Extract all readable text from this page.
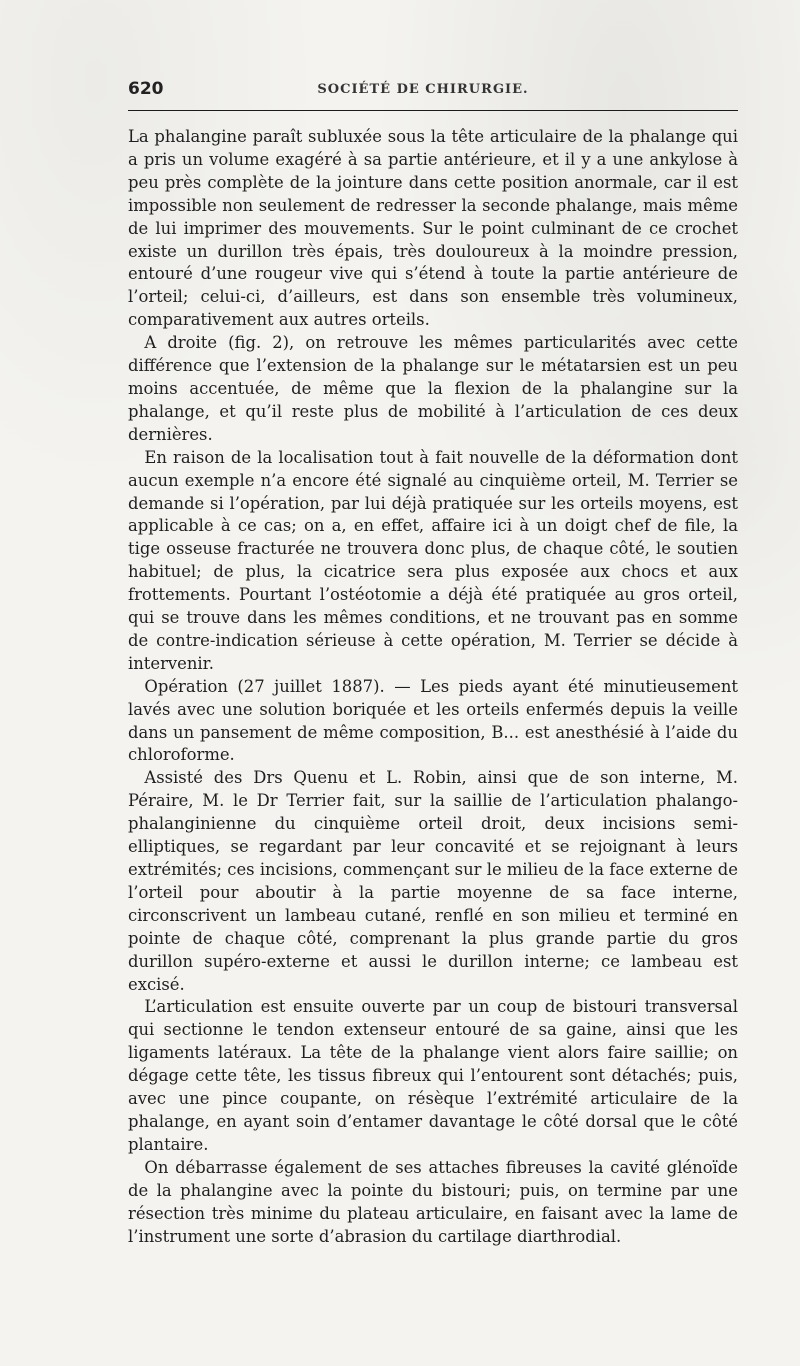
620	SOCIÉTÉ DE CHIRURGIE.

La phalangine paraît subluxée sous la tête articulaire de la phalange qui a pris un volume exagéré à sa partie antérieure, et il y a une ankylose à peu près complète de la jointure dans cette position anormale, car il est impossible non seulement de redresser la seconde phalange, mais même de lui imprimer des mouvements. Sur le point culminant de ce crochet existe un durillon très épais, très douloureux à la moindre pression, entouré d’une rougeur vive qui s’étend à toute la partie antérieure de l’orteil; celui-ci, d’ailleurs, est dans son ensemble très volumineux, comparativement aux autres orteils.

A droite (fig. 2), on retrouve les mêmes particularités avec cette différence que l’extension de la phalange sur le métatarsien est un peu moins accentuée, de même que la flexion de la phalangine sur la phalange, et qu’il reste plus de mobilité à l’articulation de ces deux dernières.

En raison de la localisation tout à fait nouvelle de la déformation dont aucun exemple n’a encore été signalé au cinquième orteil, M. Terrier se demande si l’opération, par lui déjà pratiquée sur les orteils moyens, est applicable à ce cas; on a, en effet, affaire ici à un doigt chef de file, la tige osseuse fracturée ne trouvera donc plus, de chaque côté, le soutien habituel; de plus, la cicatrice sera plus exposée aux chocs et aux frottements. Pourtant l’ostéotomie a déjà été pratiquée au gros orteil, qui se trouve dans les mêmes conditions, et ne trouvant pas en somme de contre-indication sérieuse à cette opération, M. Terrier se décide à intervenir.

Opération (27 juillet 1887). — Les pieds ayant été minutieusement lavés avec une solution boriquée et les orteils enfermés depuis la veille dans un pansement de même composition, B... est anesthésié à l’aide du chloroforme.

Assisté des Drs Quenu et L. Robin, ainsi que de son interne, M. Péraire, M. le Dr Terrier fait, sur la saillie de l’articulation phalango-phalanginienne du cinquième orteil droit, deux incisions semi-elliptiques, se regardant par leur concavité et se rejoignant à leurs extrémités; ces incisions, commençant sur le milieu de la face externe de l’orteil pour aboutir à la partie moyenne de sa face interne, circonscrivent un lambeau cutané, renflé en son milieu et terminé en pointe de chaque côté, comprenant la plus grande partie du gros durillon supéro-externe et aussi le durillon interne; ce lambeau est excisé.

L’articulation est ensuite ouverte par un coup de bistouri transversal qui sectionne le tendon extenseur entouré de sa gaine, ainsi que les ligaments latéraux. La tête de la phalange vient alors faire saillie; on dégage cette tête, les tissus fibreux qui l’entourent sont détachés; puis, avec une pince coupante, on résèque l’extrémité articulaire de la phalange, en ayant soin d’entamer davantage le côté dorsal que le côté plantaire.

On débarrasse également de ses attaches fibreuses la cavité glénoïde de la phalangine avec la pointe du bistouri; puis, on termine par une résection très minime du plateau articulaire, en faisant avec la lame de l’instrument une sorte d’abrasion du cartilage diarthrodial.
